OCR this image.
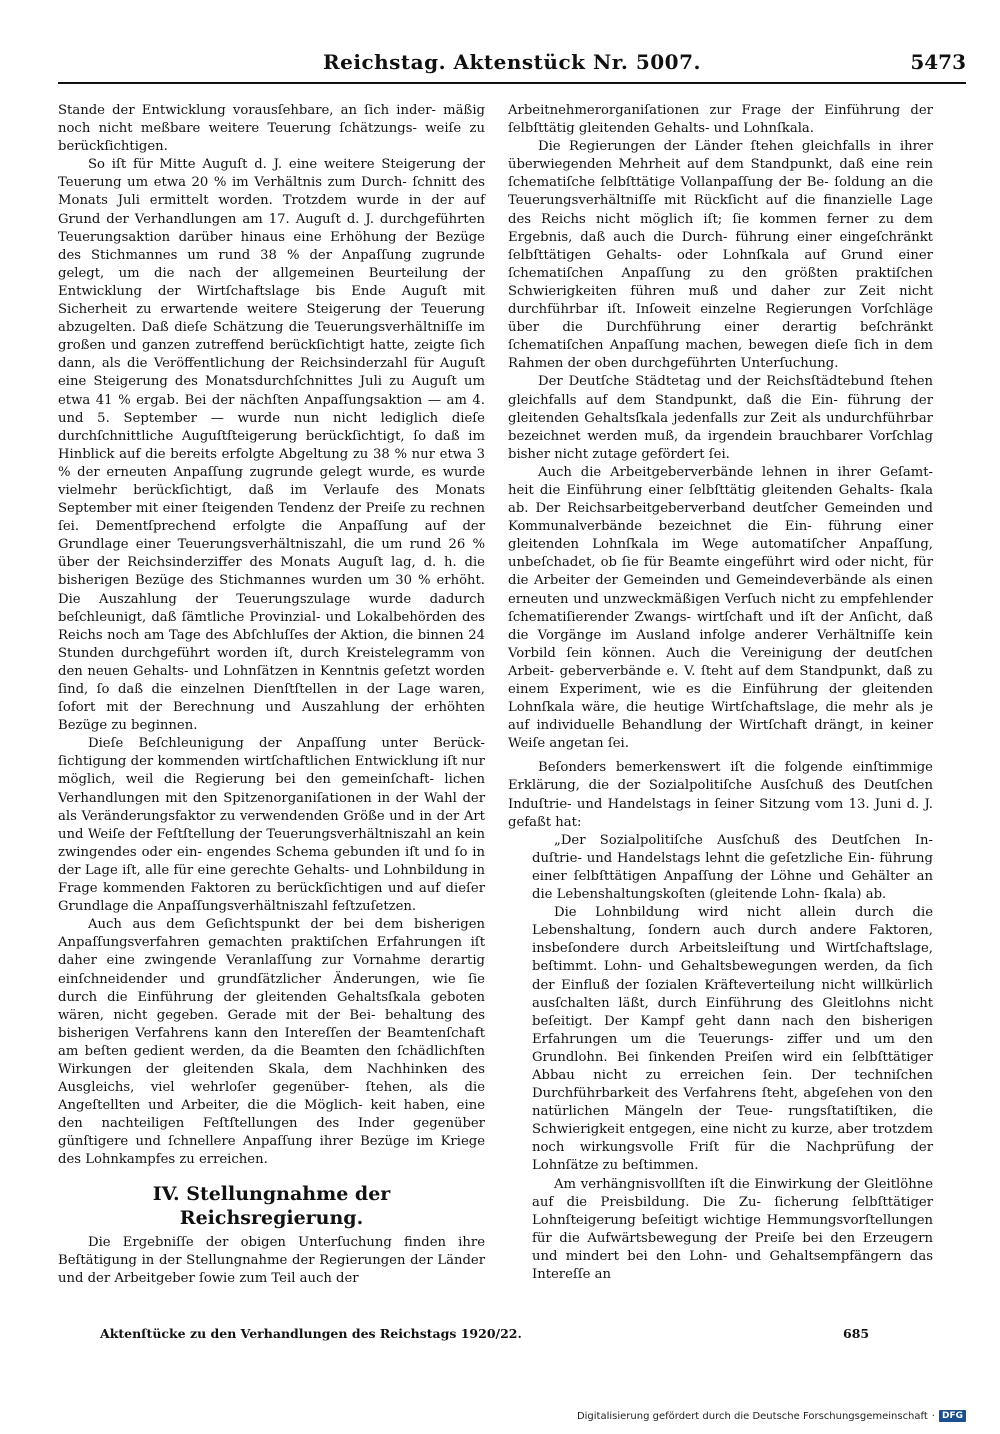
Reichstag. Aktenstück Nr. 5007.	5473

Stande der Entwicklung vorausſehbare, an ſich inder- mäßig noch nicht meßbare weitere Teuerung ſchätzungs- weiſe zu berückſichtigen.

So iſt für Mitte Auguſt d. J. eine weitere Steigerung der Teuerung um etwa 20 % im Verhältnis zum Durch- ſchnitt des Monats Juli ermittelt worden. Trotzdem wurde in der auf Grund der Verhandlungen am 17. Auguſt d. J. durchgeführten Teuerungsaktion darüber hinaus eine Erhöhung der Bezüge des Stichmannes um rund 38 % der Anpaſſung zugrunde gelegt, um die nach der allgemeinen Beurteilung der Entwicklung der Wirtſchaftslage bis Ende Auguſt mit Sicherheit zu erwartende weitere Steigerung der Teuerung abzugelten. Daß dieſe Schätzung die Teuerungsverhältniſſe im großen und ganzen zutreffend berückſichtigt hatte, zeigte ſich dann, als die Veröffentlichung der Reichsinderzahl für Auguſt eine Steigerung des Monatsdurchſchnittes Juli zu Auguſt um etwa 41 % ergab. Bei der nächſten Anpaſſungsaktion — am 4. und 5. September — wurde nun nicht lediglich dieſe durchſchnittliche Auguſtſteigerung berückſichtigt, ſo daß im Hinblick auf die bereits erfolgte Abgeltung zu 38 % nur etwa 3 % der erneuten Anpaſſung zugrunde gelegt wurde, es wurde vielmehr berückſichtigt, daß im Verlaufe des Monats September mit einer ſteigenden Tendenz der Preiſe zu rechnen ſei. Dementſprechend erfolgte die Anpaſſung auf der Grundlage einer Teuerungsverhältniszahl, die um rund 26 % über der Reichsinderziffer des Monats Auguſt lag, d. h. die bisherigen Bezüge des Stichmannes wurden um 30 % erhöht. Die Auszahlung der Teuerungszulage wurde dadurch beſchleunigt, daß ſämtliche Provinzial- und Lokalbehörden des Reichs noch am Tage des Abſchluſſes der Aktion, die binnen 24 Stunden durchgeführt worden iſt, durch Kreistelegramm von den neuen Gehalts- und Lohnſätzen in Kenntnis geſetzt worden ſind, ſo daß die einzelnen Dienſtſtellen in der Lage waren, ſofort mit der Berechnung und Auszahlung der erhöhten Bezüge zu beginnen.

Dieſe Beſchleunigung der Anpaſſung unter Berück- ſichtigung der kommenden wirtſchaftlichen Entwicklung iſt nur möglich, weil die Regierung bei den gemeinſchaft- lichen Verhandlungen mit den Spitzenorganiſationen in der Wahl der als Veränderungsfaktor zu verwendenden Größe und in der Art und Weiſe der Feſtſtellung der Teuerungsverhältniszahl an kein zwingendes oder ein- engendes Schema gebunden iſt und ſo in der Lage iſt, alle für eine gerechte Gehalts- und Lohnbildung in Frage kommenden Faktoren zu berückſichtigen und auf dieſer Grundlage die Anpaſſungsverhältniszahl feſtzuſetzen.

Auch aus dem Geſichtspunkt der bei dem bisherigen Anpaſſungsverfahren gemachten praktiſchen Erfahrungen iſt daher eine zwingende Veranlaſſung zur Vornahme derartig einſchneidender und grundſätzlicher Änderungen, wie ſie durch die Einführung der gleitenden Gehaltsſkala geboten wären, nicht gegeben. Gerade mit der Bei- behaltung des bisherigen Verfahrens kann den Intereſſen der Beamtenſchaft am beſten gedient werden, da die Beamten den ſchädlichſten Wirkungen der gleitenden Skala, dem Nachhinken des Ausgleichs, viel wehrloſer gegenüber- ſtehen, als die Angeſtellten und Arbeiter, die die Möglich- keit haben, eine den nachteiligen Feſtſtellungen des Inder gegenüber günſtigere und ſchnellere Anpaſſung ihrer Bezüge im Kriege des Lohnkampfes zu erreichen.

IV. Stellungnahme der Reichsregierung.

Die Ergebniſſe der obigen Unterſuchung finden ihre Beſtätigung in der Stellungnahme der Regierungen der Länder und der Arbeitgeber ſowie zum Teil auch der

Arbeitnehmerorganiſationen zur Frage der Einführung der ſelbſttätig gleitenden Gehalts- und Lohnſkala.

Die Regierungen der Länder ſtehen gleichfalls in ihrer überwiegenden Mehrheit auf dem Standpunkt, daß eine rein ſchematiſche ſelbſttätige Vollanpaſſung der Be- ſoldung an die Teuerungsverhältniſſe mit Rückſicht auf die finanzielle Lage des Reichs nicht möglich iſt; ſie kommen ferner zu dem Ergebnis, daß auch die Durch- führung einer eingeſchränkt ſelbſttätigen Gehalts- oder Lohnſkala auf Grund einer ſchematiſchen Anpaſſung zu den größten praktiſchen Schwierigkeiten führen muß und daher zur Zeit nicht durchführbar iſt. Inſoweit einzelne Regierungen Vorſchläge über die Durchführung einer derartig beſchränkt ſchematiſchen Anpaſſung machen, bewegen dieſe ſich in dem Rahmen der oben durchgeführten Unterſuchung.

Der Deutſche Städtetag und der Reichsſtädtebund ſtehen gleichfalls auf dem Standpunkt, daß die Ein- führung der gleitenden Gehaltsſkala jedenfalls zur Zeit als undurchführbar bezeichnet werden muß, da irgendein brauchbarer Vorſchlag bisher nicht zutage gefördert ſei.

Auch die Arbeitgeberverbände lehnen in ihrer Geſamt- heit die Einführung einer ſelbſttätig gleitenden Gehalts- ſkala ab. Der Reichsarbeitgeberverband deutſcher Gemeinden und Kommunalverbände bezeichnet die Ein- führung einer gleitenden Lohnſkala im Wege automatiſcher Anpaſſung, unbeſchadet, ob ſie für Beamte eingeführt wird oder nicht, für die Arbeiter der Gemeinden und Gemeindeverbände als einen erneuten und unzweckmäßigen Verſuch nicht zu empfehlender ſchematiſierender Zwangs- wirtſchaft und iſt der Anſicht, daß die Vorgänge im Ausland infolge anderer Verhältniſſe kein Vorbild ſein können. Auch die Vereinigung der deutſchen Arbeit- geberverbände e. V. ſteht auf dem Standpunkt, daß zu einem Experiment, wie es die Einführung der gleitenden Lohnſkala wäre, die heutige Wirtſchaftslage, die mehr als je auf individuelle Behandlung der Wirtſchaft drängt, in keiner Weiſe angetan ſei.

Beſonders bemerkenswert iſt die folgende einſtimmige Erklärung, die der Sozialpolitiſche Ausſchuß des Deutſchen Induſtrie- und Handelstags in ſeiner Sitzung vom 13. Juni d. J. gefaßt hat:

„Der Sozialpolitiſche Ausſchuß des Deutſchen In- duſtrie- und Handelstags lehnt die geſetzliche Ein- führung einer ſelbſttätigen Anpaſſung der Löhne und Gehälter an die Lebenshaltungskoſten (gleitende Lohn- ſkala) ab.

Die Lohnbildung wird nicht allein durch die Lebenshaltung, ſondern auch durch andere Faktoren, insbeſondere durch Arbeitsleiſtung und Wirtſchaftslage, beſtimmt. Lohn- und Gehaltsbewegungen werden, da ſich der Einfluß der ſozialen Kräfteverteilung nicht willkürlich ausſchalten läßt, durch Einführung des Gleitlohns nicht beſeitigt. Der Kampf geht dann nach den bisherigen Erfahrungen um die Teuerungs- ziffer und um den Grundlohn. Bei ſinkenden Preiſen wird ein ſelbſttätiger Abbau nicht zu erreichen ſein. Der techniſchen Durchführbarkeit des Verfahrens ſteht, abgeſehen von den natürlichen Mängeln der Teue- rungsſtatiſtiken, die Schwierigkeit entgegen, eine nicht zu kurze, aber trotzdem noch wirkungsvolle Friſt für die Nachprüfung der Lohnſätze zu beſtimmen.

Am verhängnisvollſten iſt die Einwirkung der Gleitlöhne auf die Preisbildung. Die Zu- ſicherung ſelbſttätiger Lohnſteigerung beſeitigt wichtige Hemmungsvorſtellungen für die Aufwärtsbewegung der Preiſe bei den Erzeugern und mindert bei den Lohn- und Gehaltsempfängern das Intereſſe an

Aktenſtücke zu den Verhandlungen des Reichstags 1920/22.	685
Digitalisierung gefördert durch die Deutsche Forschungsgemeinschaft · DFG
